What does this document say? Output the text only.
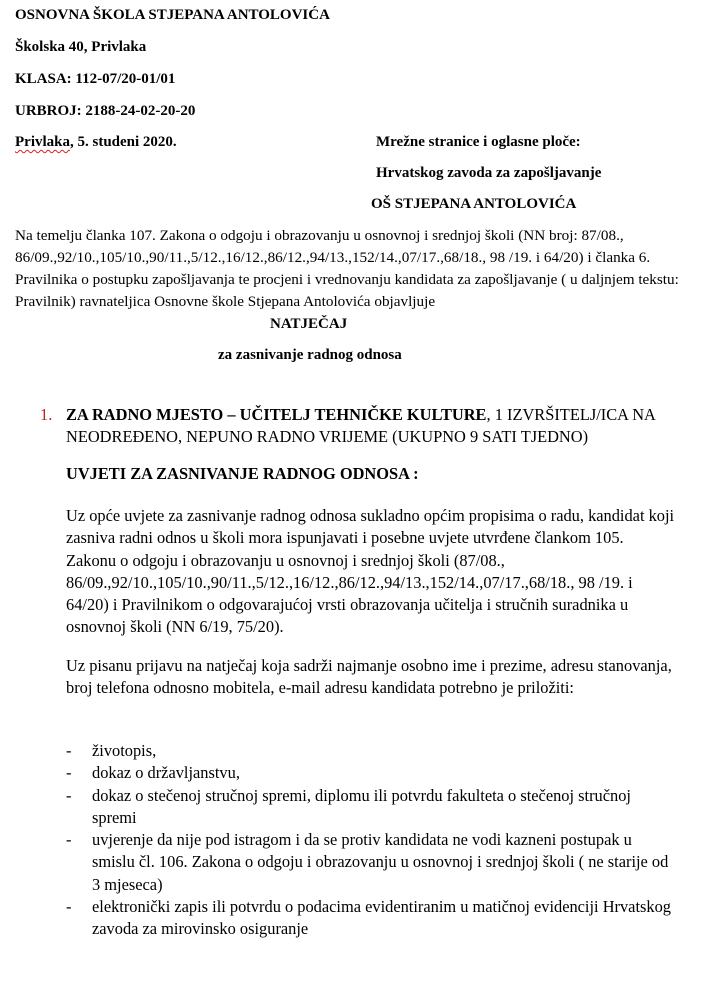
OSNOVNA ŠKOLA STJEPANA ANTOLOVIĆA
Školska 40, Privlaka
KLASA: 112-07/20-01/01
URBROJ: 2188-24-02-20-20
Privlaka, 5. studeni 2020.	Mrežne stranice i oglasne ploče:
Hrvatskog zavoda za zapošljavanje
OŠ STJEPANA ANTOLOVIĆA
Na temelju članka 107. Zakona o odgoju i obrazovanju u osnovnoj i srednjoj školi (NN broj: 87/08., 86/09.,92/10.,105/10.,90/11.,5/12.,16/12.,86/12.,94/13.,152/14.,07/17.,68/18., 98 /19. i 64/20) i članka 6. Pravilnika o postupku zapošljavanja te procjeni i vrednovanju kandidata za zapošljavanje ( u daljnjem tekstu: Pravilnik) ravnateljica Osnovne škole Stjepana Antolovića objavljuje
NATJEČAJ
za zasnivanje radnog odnosa
1. ZA RADNO MJESTO – UČITELJ TEHNIČKE KULTURE, 1 IZVRŠITELJ/ICA NA NEODREĐENO, NEPUNO RADNO VRIJEME (UKUPNO 9 SATI TJEDNO)
UVJETI ZA ZASNIVANJE RADNOG ODNOSA :
Uz opće uvjete za zasnivanje radnog odnosa sukladno općim propisima o radu, kandidat koji zasniva radni odnos u školi mora ispunjavati i posebne uvjete utvrđene člankom 105. Zakonu o odgoju i obrazovanju u osnovnoj i srednjoj školi (87/08., 86/09.,92/10.,105/10.,90/11.,5/12.,16/12.,86/12.,94/13.,152/14.,07/17.,68/18., 98 /19. i 64/20) i Pravilnikom o odgovarajućoj vrsti obrazovanja učitelja i stručnih suradnika u osnovnoj školi (NN 6/19, 75/20).
Uz pisanu prijavu na natječaj koja sadrži najmanje osobno ime i prezime, adresu stanovanja, broj telefona odnosno mobitela, e-mail adresu kandidata potrebno je priložiti:
- životopis,
- dokaz o državljanstvu,
- dokaz o stečenoj stručnoj spremi, diplomu ili potvrdu fakulteta o stečenoj stručnoj spremi
- uvjerenje da nije pod istragom i da se protiv kandidata ne vodi kazneni postupak u smislu čl. 106. Zakona o odgoju i obrazovanju u osnovnoj i srednjoj školi ( ne starije od 3 mjeseca)
- elektronički zapis ili potvrdu o podacima evidentiranim u matičnoj evidenciji Hrvatskog zavoda za mirovinsko osiguranje
